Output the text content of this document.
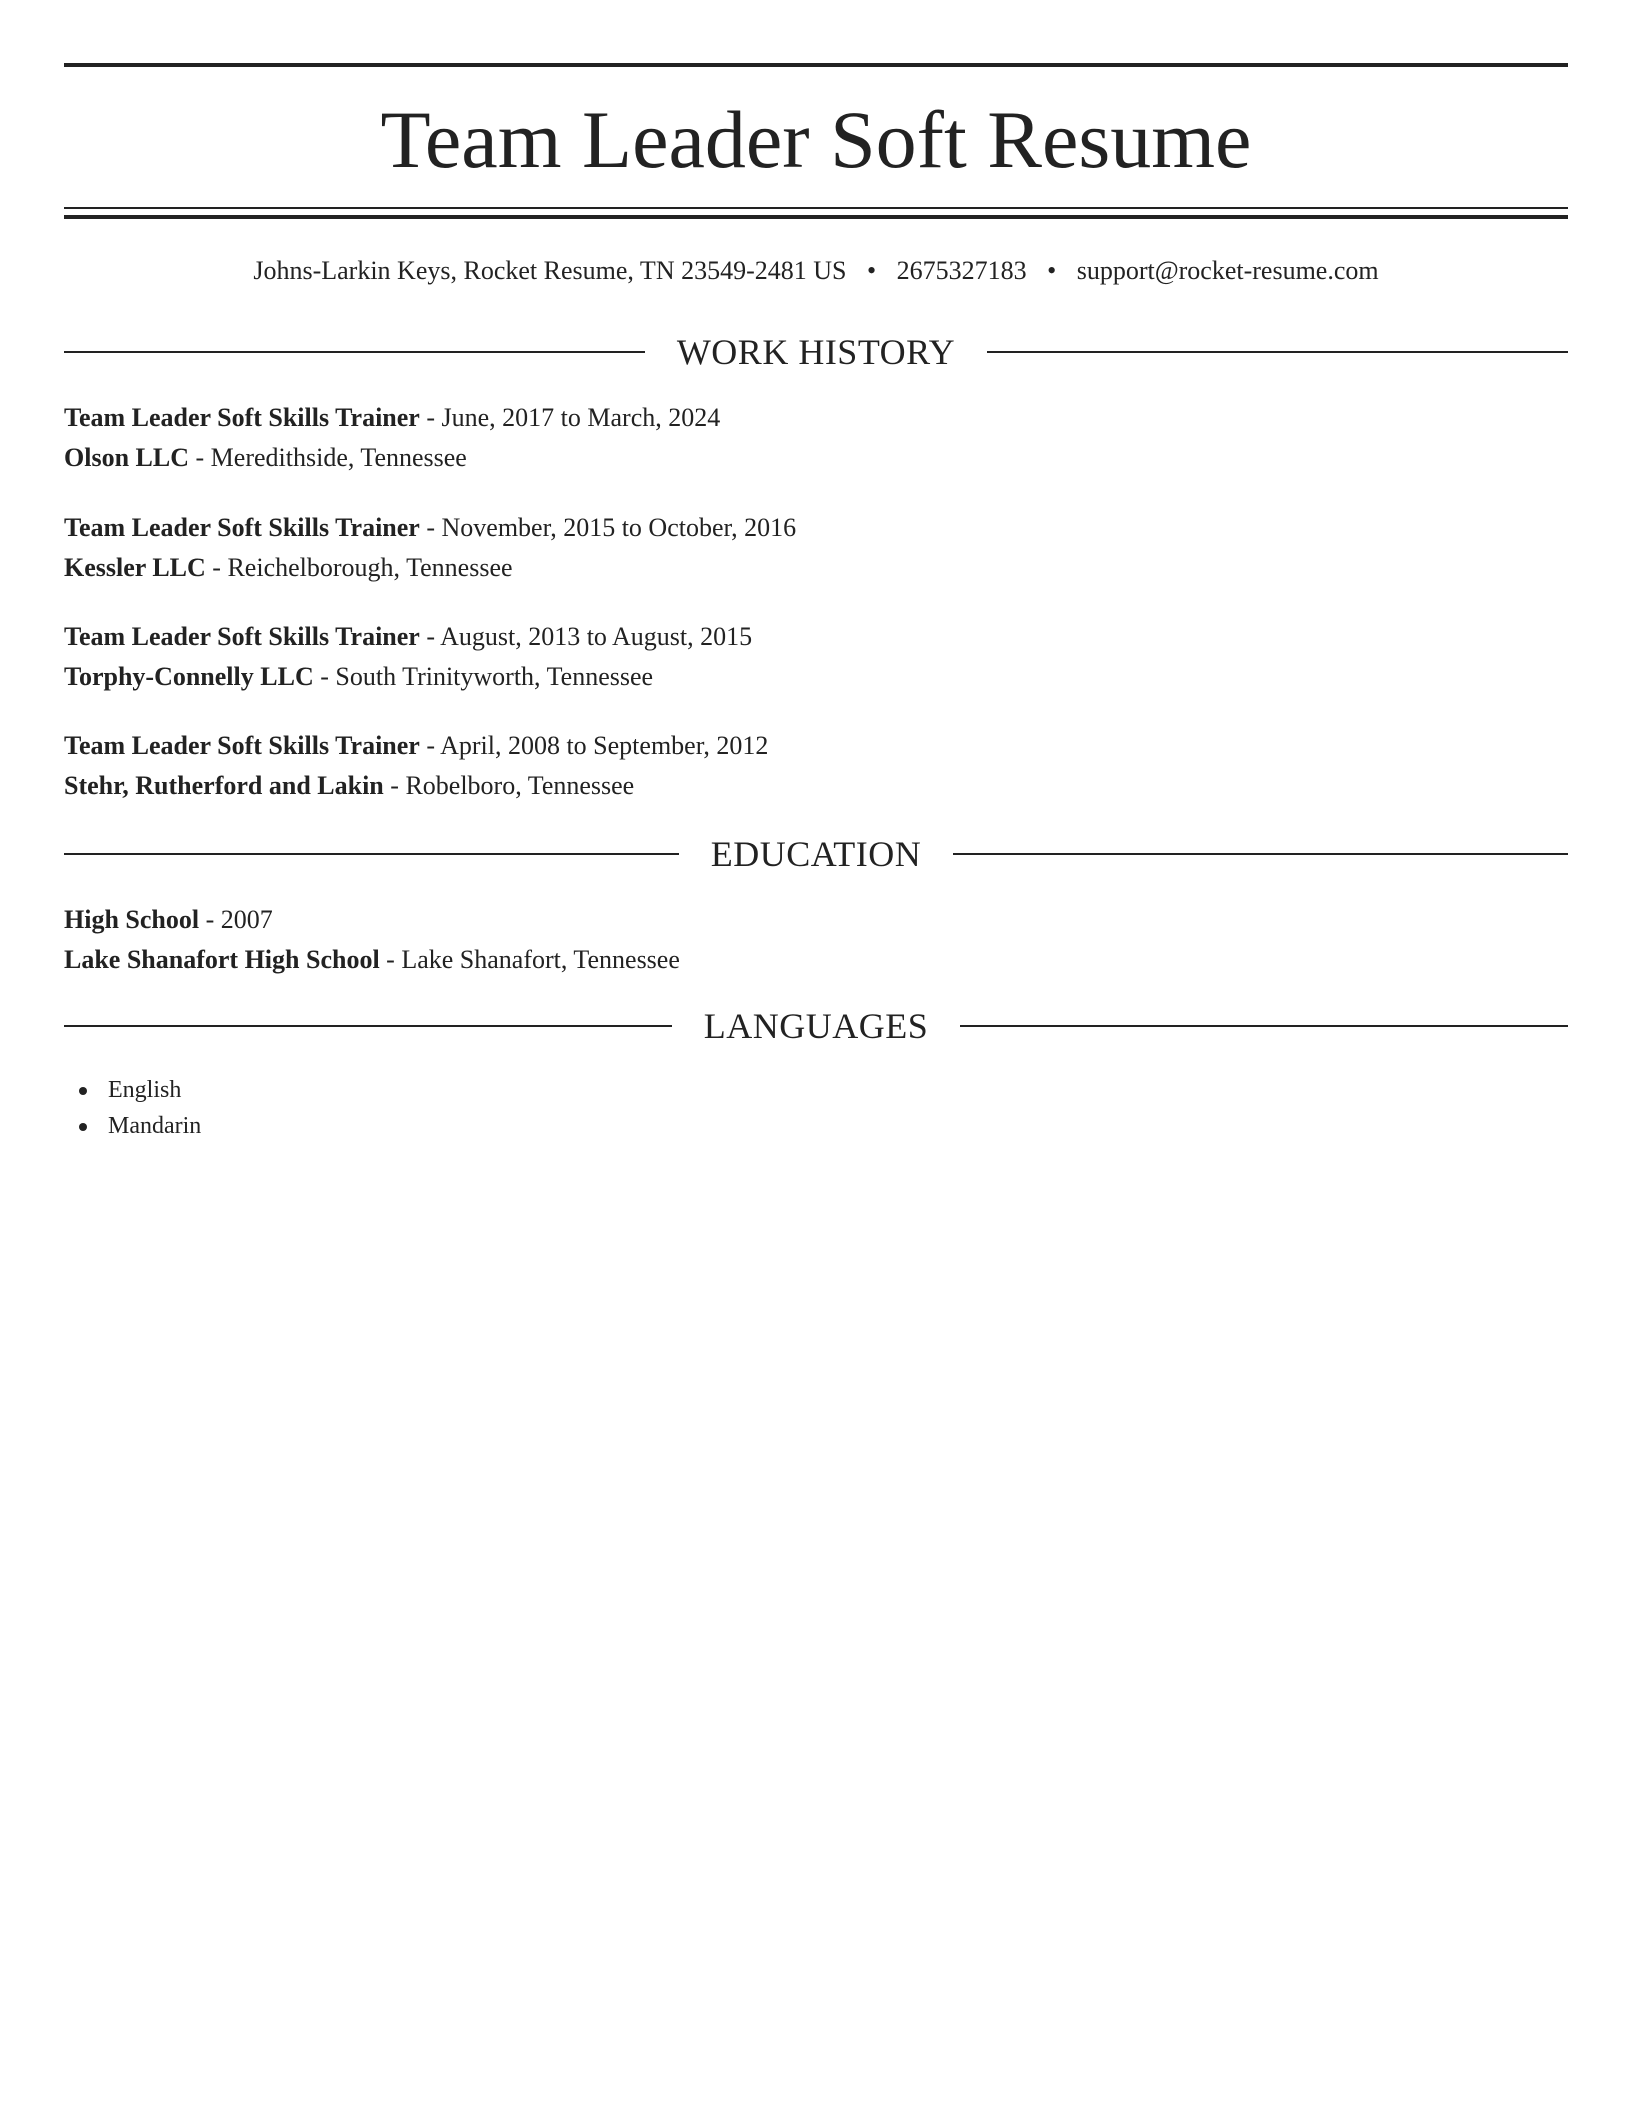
Team Leader Soft Resume
Johns-Larkin Keys, Rocket Resume, TN 23549-2481 US • 2675327183 • support@rocket-resume.com
WORK HISTORY
Team Leader Soft Skills Trainer - June, 2017 to March, 2024
Olson LLC - Meredithside, Tennessee
Team Leader Soft Skills Trainer - November, 2015 to October, 2016
Kessler LLC - Reichelborough, Tennessee
Team Leader Soft Skills Trainer - August, 2013 to August, 2015
Torphy-Connelly LLC - South Trinityworth, Tennessee
Team Leader Soft Skills Trainer - April, 2008 to September, 2012
Stehr, Rutherford and Lakin - Robelboro, Tennessee
EDUCATION
High School - 2007
Lake Shanafort High School - Lake Shanafort, Tennessee
LANGUAGES
English
Mandarin
